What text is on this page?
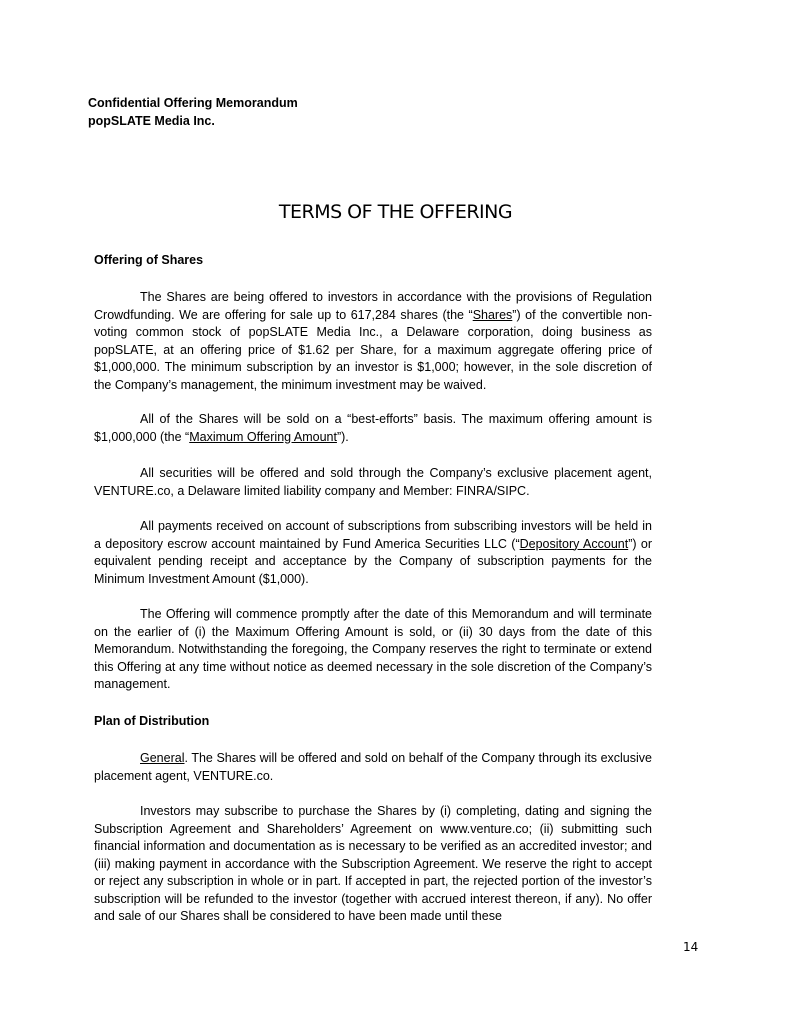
Confidential Offering Memorandum
popSLATE Media Inc.
TERMS OF THE OFFERING
Offering of Shares

The Shares are being offered to investors in accordance with the provisions of Regulation Crowdfunding. We are offering for sale up to 617,284 shares (the “Shares”) of the convertible non-voting common stock of popSLATE Media Inc., a Delaware corporation, doing business as popSLATE, at an offering price of $1.62 per Share, for a maximum aggregate offering price of $1,000,000. The minimum subscription by an investor is $1,000; however, in the sole discretion of the Company’s management, the minimum investment may be waived.

All of the Shares will be sold on a “best-efforts” basis. The maximum offering amount is $1,000,000 (the “Maximum Offering Amount”).

All securities will be offered and sold through the Company’s exclusive placement agent, VENTURE.co, a Delaware limited liability company and Member: FINRA/SIPC.

All payments received on account of subscriptions from subscribing investors will be held in a depository escrow account maintained by Fund America Securities LLC (“Depository Account”) or equivalent pending receipt and acceptance by the Company of subscription payments for the Minimum Investment Amount ($1,000).

The Offering will commence promptly after the date of this Memorandum and will terminate on the earlier of (i) the Maximum Offering Amount is sold, or (ii) 30 days from the date of this Memorandum. Notwithstanding the foregoing, the Company reserves the right to terminate or extend this Offering at any time without notice as deemed necessary in the sole discretion of the Company’s management.

Plan of Distribution

General. The Shares will be offered and sold on behalf of the Company through its exclusive placement agent, VENTURE.co.

Investors may subscribe to purchase the Shares by (i) completing, dating and signing the Subscription Agreement and Shareholders’ Agreement on www.venture.co; (ii) submitting such financial information and documentation as is necessary to be verified as an accredited investor; and (iii) making payment in accordance with the Subscription Agreement. We reserve the right to accept or reject any subscription in whole or in part. If accepted in part, the rejected portion of the investor’s subscription will be refunded to the investor (together with accrued interest thereon, if any). No offer and sale of our Shares shall be considered to have been made until these

14
